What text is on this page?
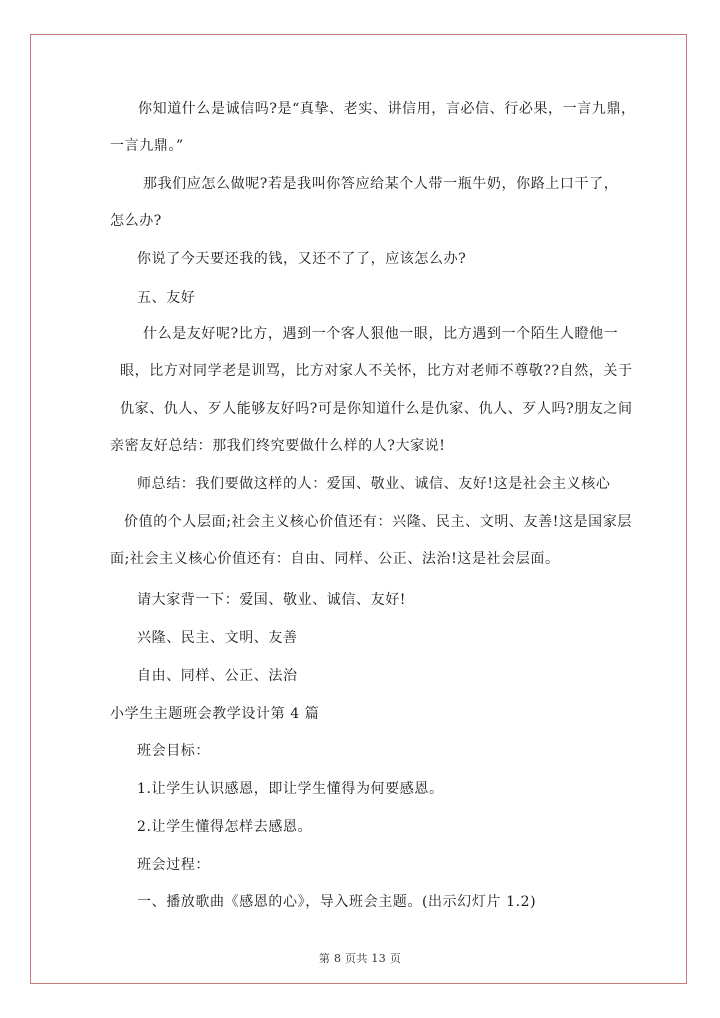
你知道什么是诚信吗?是“真挚、老实、讲信用，言必信、行必果，一言九鼎，
一言九鼎。”
那我们应怎么做呢?若是我叫你答应给某个人带一瓶牛奶，你路上口干了，
怎么办?
你说了今天要还我的钱，又还不了了，应该怎么办?
五、友好
什么是友好呢?比方，遇到一个客人狠他一眼，比方遇到一个陌生人瞪他一
眼，比方对同学老是训骂，比方对家人不关怀，比方对老师不尊敬??自然，关于
仇家、仇人、歹人能够友好吗?可是你知道什么是仇家、仇人、歹人吗?朋友之间
亲密友好总结：那我们终究要做什么样的人?大家说!
师总结：我们要做这样的人：爱国、敬业、诚信、友好!这是社会主义核心
价值的个人层面;社会主义核心价值还有：兴隆、民主、文明、友善!这是国家层
面;社会主义核心价值还有：自由、同样、公正、法治!这是社会层面。
请大家背一下：爱国、敬业、诚信、友好!
兴隆、民主、文明、友善
自由、同样、公正、法治
小学生主题班会教学设计第 4 篇
班会目标：
1.让学生认识感恩，即让学生懂得为何要感恩。
2.让学生懂得怎样去感恩。
班会过程：
一、播放歌曲《感恩的心》，导入班会主题。(出示幻灯片 1.2)
第 8 页共 13 页
